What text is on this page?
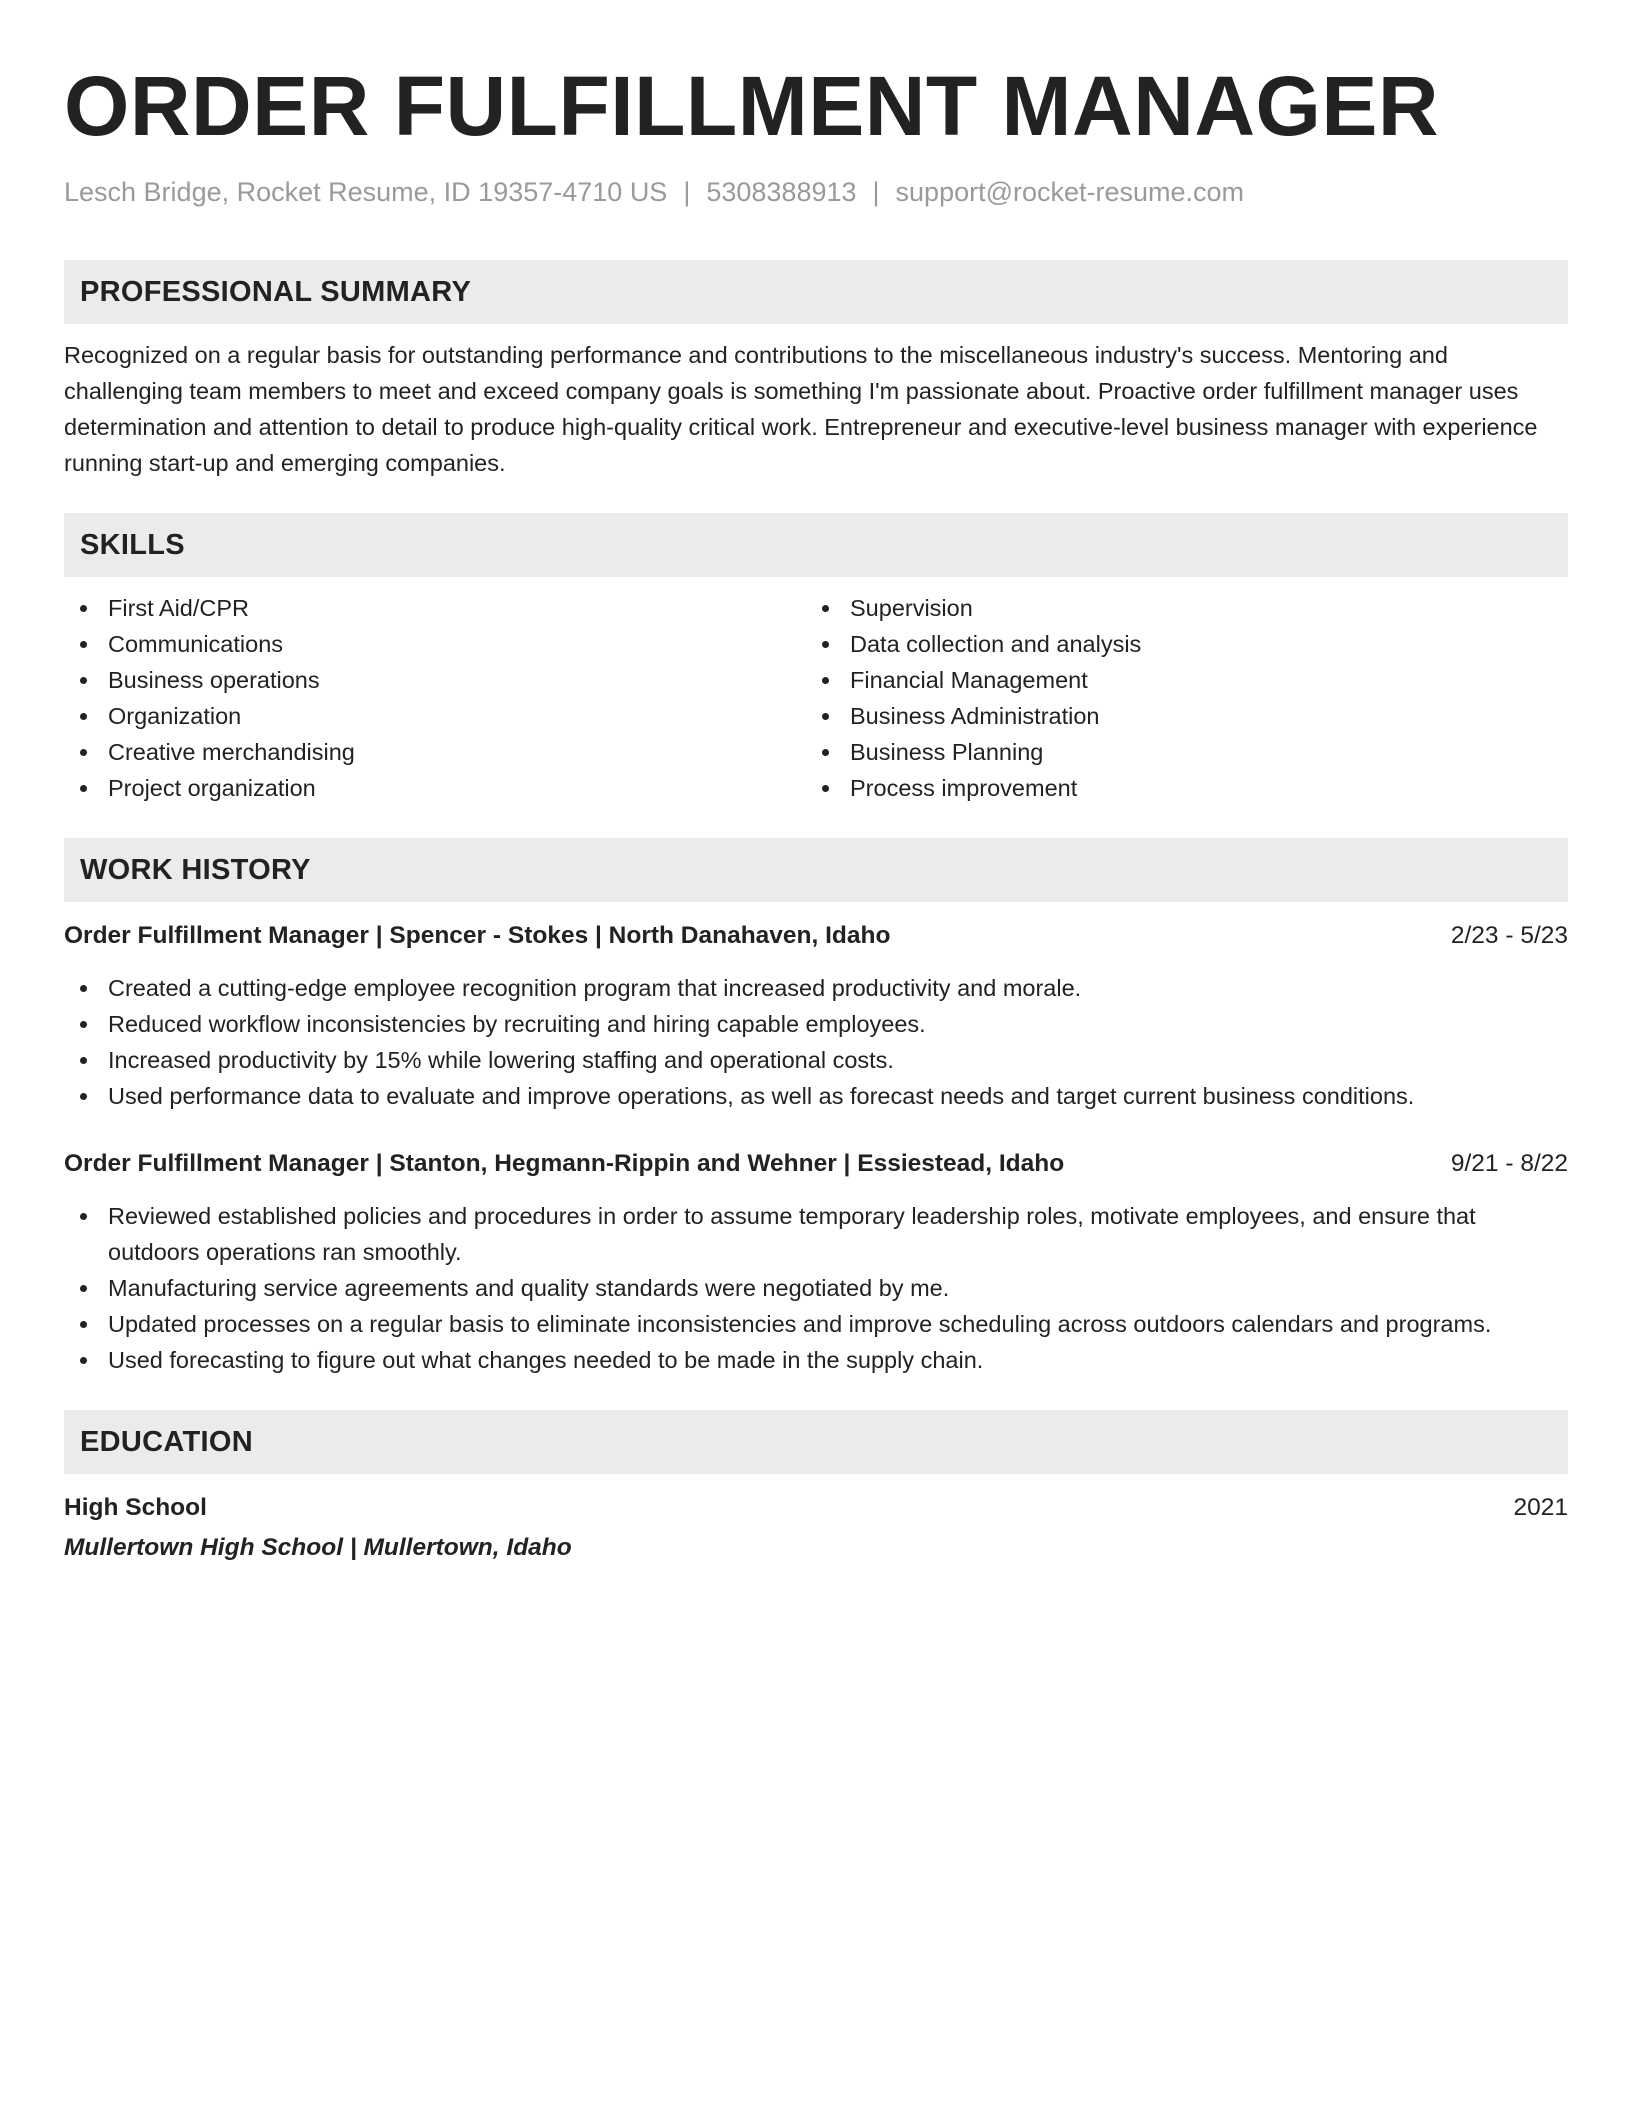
ORDER FULFILLMENT MANAGER
Lesch Bridge, Rocket Resume, ID 19357-4710 US | 5308388913 | support@rocket-resume.com
PROFESSIONAL SUMMARY
Recognized on a regular basis for outstanding performance and contributions to the miscellaneous industry's success. Mentoring and challenging team members to meet and exceed company goals is something I'm passionate about. Proactive order fulfillment manager uses determination and attention to detail to produce high-quality critical work. Entrepreneur and executive-level business manager with experience running start-up and emerging companies.
SKILLS
First Aid/CPR
Communications
Business operations
Organization
Creative merchandising
Project organization
Supervision
Data collection and analysis
Financial Management
Business Administration
Business Planning
Process improvement
WORK HISTORY
Order Fulfillment Manager | Spencer - Stokes | North Danahaven, Idaho	2/23 - 5/23
Created a cutting-edge employee recognition program that increased productivity and morale.
Reduced workflow inconsistencies by recruiting and hiring capable employees.
Increased productivity by 15% while lowering staffing and operational costs.
Used performance data to evaluate and improve operations, as well as forecast needs and target current business conditions.
Order Fulfillment Manager | Stanton, Hegmann-Rippin and Wehner | Essiestead, Idaho	9/21 - 8/22
Reviewed established policies and procedures in order to assume temporary leadership roles, motivate employees, and ensure that outdoors operations ran smoothly.
Manufacturing service agreements and quality standards were negotiated by me.
Updated processes on a regular basis to eliminate inconsistencies and improve scheduling across outdoors calendars and programs.
Used forecasting to figure out what changes needed to be made in the supply chain.
EDUCATION
High School	2021
Mullertown High School | Mullertown, Idaho
